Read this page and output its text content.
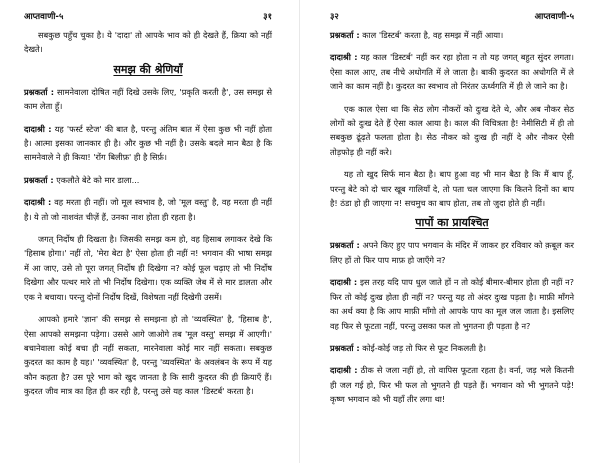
आप्तवाणी-५	३१

सबकुछ पहुँच चुका है। ये 'दादा' तो आपके भाव को ही देखते हैं, क्रिया को नहीं देखते।

समझ की श्रेणियाँ

प्रश्नकर्ता : सामनेवाला दोषित नहीं दिखे उसके लिए, 'प्रकृति करती है', उस समझ से काम लेता हूँ।

दादाश्री : यह 'फर्स्ट स्टेज' की बात है, परन्तु अंतिम बात में ऐसा कुछ भी नहीं होता है। आत्मा इसका जानकार ही है। और कुछ भी नहीं है। उसके बदले मान बैठा है कि सामनेवाले ने ही किया! 'रोंग बिलीफ़' ही है सिर्फ़।

प्रश्नकर्ता : एकलौते बेटे को मार डाला...

दादाश्री : वह मरता ही नहीं। जो मूल स्वभाव है, जो 'मूल वस्तु' है, वह मरता ही नहीं है। ये तो जो नाशवंत चीज़ें हैं, उनका नाश होता ही रहता है।

जगत् निर्दोष ही दिखता है। जिसकी समझ कम हो, वह हिसाब लगाकर देखे कि 'हिसाब होगा।' नहीं तो, 'मेरा बेटा है' ऐसा होता ही नहीं न! भगवान की भाषा समझ में आ जाए, उसे तो पूरा जगत् निर्दोष ही दिखेगा न? कोई फूल चढ़ाए तो भी निर्दोष दिखेगा और पत्थर मारे तो भी निर्दोष दिखेगा। एक व्यक्ति जेब में से मार डालता और एक ने बचाया। परन्तु दोनों निर्दोष दिखें, विशेषता नहीं दिखेगी उसमें।

आपको हमारे 'ज्ञान' की समझ से समझना हो तो 'व्यवस्थित' है, 'हिसाब है', ऐसा आपको समझना पड़ेगा। उससे आगे जाओगे तब 'मूल वस्तु' समझ में आएगी।' बचानेवाला कोई बचा ही नहीं सकता, मारनेवाला कोई मार नहीं सकता। सबकुछ कुदरत का काम है यह।' 'व्यवस्थित' है, परन्तु 'व्यवस्थित' के अवलंबन के रूप में यह कौन कहता है? उस पूरे भाग को खुद जानता है कि सारी कुदरत की ही क्रियाएँ हैं। कुदरत जीव मात्र का हित ही कर रही है, परन्तु उसे यह काल 'डिस्टर्ब' करता है।

३२	आप्तवाणी-५

प्रश्नकर्ता : काल 'डिस्टर्ब' करता है, वह समझ में नहीं आया।

दादाश्री : यह काल 'डिस्टर्ब' नहीं कर रहा होता न तो यह जगत् बहुत सुंदर लगता। ऐसा काल आए, तब नीचे अधोगति में ले जाता है। बाकी कुदरत का अधोगति में ले जाने का काम नहीं है। कुदरत का स्वभाव तो निरंतर ऊर्ध्वगति में ही ले जाने का है।

एक काल ऐसा था कि सेठ लोग नौकरों को दुःख देते थे, और अब नौकर सेठ लोगों को दुःख देते हैं ऐसा काल आया है। काल की विचित्रता है! नेमीसिटी में ही तो सबकुछ ढूंढ़ते फलता होता है। सेठ नौकर को दुःख ही नहीं दे और नौकर ऐसी तोड़फोड़ ही नहीं करे।

यह तो खुद सिर्फ मान बैठा है। बाप हुआ वह भी मान बैठा है कि मैं बाप हूँ, परन्तु बेटे को दो चार खूब गालियाँ दे, तो पता चल जाएगा कि कितने दिनों का बाप है! ठंडा हो ही जाएगा न! सचमुच का बाप होता, तब तो जुदा होते ही नहीं।

पापों का प्रायश्चित

प्रश्नकर्ता : अपने किए हुए पाप भगवान के मंदिर में जाकर हर रविवार को क़बूल कर लिए हों तो फिर पाप माफ़ हो जाएँगे न?

दादाश्री : इस तरह यदि पाप धुल जाते हों न तो कोई बीमार-बीमार होता ही नहीं न? फिर तो कोई दुःख होता ही नहीं न? परन्तु यह तो अंदर दुःख पड़ता है। माफ़ी माँगने का अर्थ क्या है कि आप माफ़ी माँगो तो आपके पाप का मूल जल जाता है। इसलिए वह फिर से फूटता नहीं, परन्तु उसका फल तो भुगतना ही पड़ता है न?

प्रश्नकर्ता : कोई-कोई जड़ तो फिर से फूट निकलती है।

दादाश्री : ठीक से जला नहीं हो, तो वापिस फूटता रहता है। वर्ना, जड़ भले कितनी ही जल गई हो, फिर भी फल तो भुगतने ही पड़ते हैं। भगवान को भी भुगतने पड़े! कृष्ण भगवान को भी यहाँ तीर लगा था!
